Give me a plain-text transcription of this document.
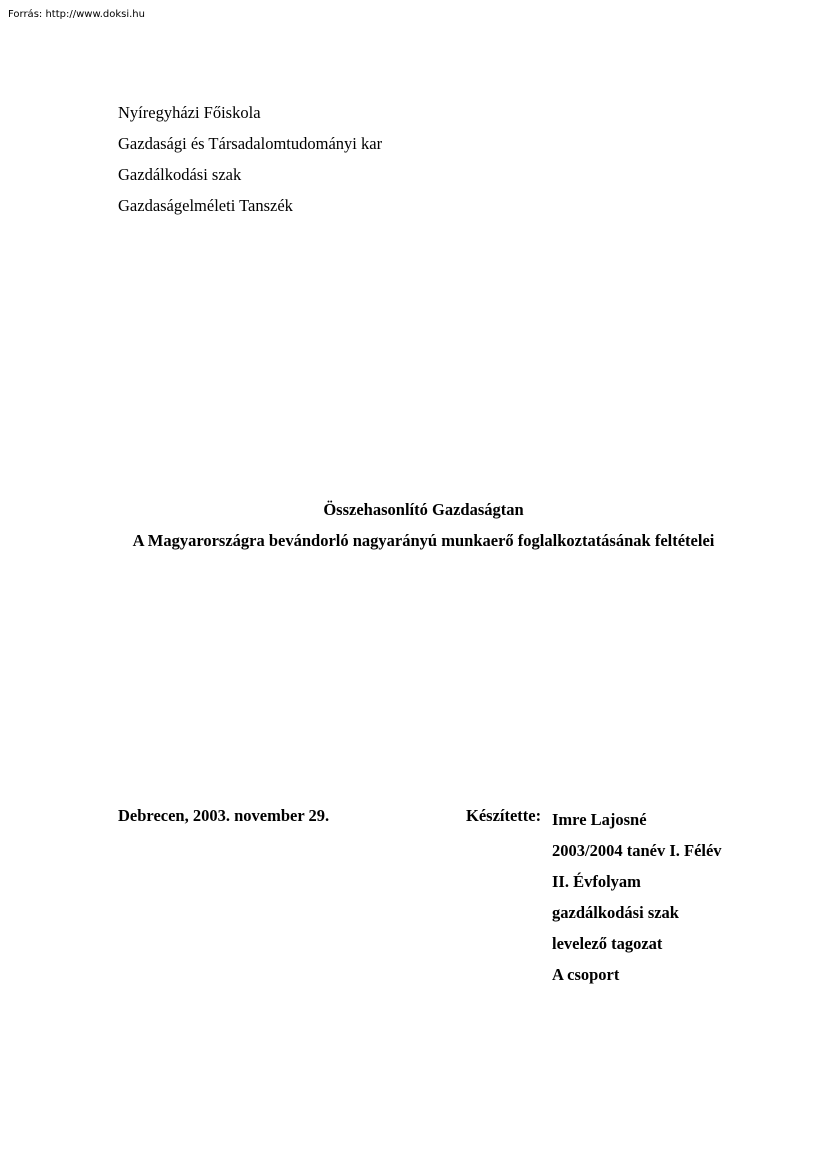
Forrás: http://www.doksi.hu
Nyíregyházi Főiskola
Gazdasági és Társadalomtudományi kar
Gazdálkodási szak
Gazdaságelméleti Tanszék
Összehasonlító Gazdaságtan
A Magyarországra bevándorló nagyarányú munkaerő foglalkoztatásának feltételei
Debrecen, 2003. november 29.	Készítette: Imre Lajosné
2003/2004 tanév I. Félév
II. Évfolyam
gazdálkodási szak
levelező tagozat
A csoport
